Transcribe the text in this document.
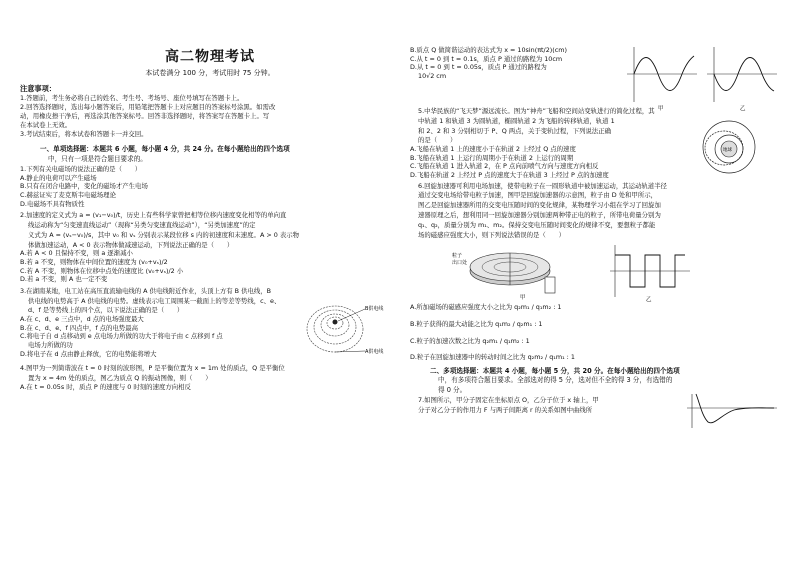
高二物理考试
本试卷满分 100 分，考试用时 75 分钟。
注意事项：

1.答题前，考生务必将自己的姓名、考生号、考场号、座位号填写在答题卡上。

2.回答选择题时，选出每小题答案后，用铅笔把答题卡上对应题目的答案标号涂黑。如需改

动，用橡皮擦干净后，再选涂其他答案标号。回答非选择题时，将答案写在答题卡上。写

在本试卷上无效。

3.考试结束后，将本试卷和答题卡一并交回。

一、单项选择题：本题共 6 小题，每小题 4 分，共 24 分。在每小题给出的四个选项
中，只有一项是符合题目要求的。
1.下列有关电磁场的说法正确的是（　　）
A.静止的电荷可以产生磁场
B.只有在闭合电路中，变化的磁场才产生电场
C.赫兹证实了麦克斯韦电磁场理论
D.电磁场不具有物质性
2.加速度的定义式为 a = (v₁−v₀)/t，历史上有些科学家曾把相等位移内速度变化相等的单向直
线运动称为“匀变速直线运动”（现称“另类匀变速直线运动”），“另类加速度”的定
义式为 A = (vₛ−v₀)/s，其中 v₀ 和 vₛ 分别表示某段位移 s 内的初速度和末速度。A > 0 表示物
体做加速运动，A < 0 表示物体做减速运动，下列说法正确的是（　　）
A.若 A < 0 且保持不变，则 a 逐渐减小
B.若 a 不变，则物体在中间位置的速度为 (v₀+vₛ)/2
C.若 A 不变，则物体在位移中点处的速度比 (v₀+vₛ)/2 小
D.若 a 不变，则 A 也一定不变
3.在湖南某地，电工站在高压直流输电线的 A 供电线附近作业，头顶上方有 B 供电线，B
供电线的电势高于 A 供电线的电势。虚线表示电工周围某一截面上的等差等势线，c、e、
d、f 是等势线上的四个点，以下说法正确的是（　　）
A.在 c、d、e 三点中，d 点的电场强度最大
B.在 c、d、e、f 四点中，f 点的电势最高
C.将电子自 d 点移动到 e 点电场力所做的功大于将电子由 c 点移到 f 点
电场力所做的功
D.将电子在 d 点由静止释放，它的电势能将增大
B供电线
A供电线
4.图甲为一列简谐波在 t = 0 时刻的波形图，P 是平衡位置为 x = 1m 处的质点，Q 是平衡位
置为 x = 4m 处的质点，图乙为质点 Q 的振动图像，则（　　）
A.在 t = 0.05s 时，质点 P 的速度与 0 时刻的速度方向相反
B.质点 Q 做简谐运动的表达式为 x = 10sin(πt/2)(cm)
C.从 t = 0 到 t = 0.1s，质点 P 通过的路程为 10cm
D.从 t = 0 到 t = 0.05s，质点 P 通过的路程为
10√2 cm
甲	乙
5.中华民族的“飞天梦”源远流长。图为“神舟”飞船和空间站变轨进行的简化过程，其
中轨道 1 和轨道 3 为圆轨道，椭圆轨道 2 为飞船的转移轨道，轨道 1
和 2、2 和 3 分别相切于 P、Q 两点，关于变轨过程，下列说法正确
的是（　　）
地球
A.飞船在轨道 1 上的速度小于在轨道 2 上经过 Q 点的速度
B.飞船在轨道 1 上运行的周期小于在轨道 2 上运行的周期
C.飞船在轨道 1 进入轨道 2，在 P 点向前喷气方向与速度方向相反
D.飞船在轨道 2 上经过 P 点的速度大于在轨道 3 上经过 P 点的加速度
6.回旋加速器可利用电场加速，使带电粒子在一圆形轨道中被加速运动，其运动轨道半径
通过交变电场给带电粒子加速，图甲是回旋加速器的示意图，粒子由 D 处和甲所示，
图乙是回旋加速器所用的交变电压随时间的变化规律，某物理学习小组在学习了回旋加
速器原理之后，想利用同一回旋加速器分别加速两种带正电的粒子，所带电荷量分别为
q₁、q₂，质量分别为 m₁、m₂。保持交变电压随时间变化的规律不变，要想粒子都能
场的磁感应强度大小，则下列说法错误的是（　　）
粒子
出口处
甲	乙
A.所加磁场的磁感应强度大小之比为 q₂m₁ / q₁m₂ : 1
B.粒子获得的最大动能之比为 q₁m₂ / q₂m₁ : 1
C.粒子的加速次数之比为 q₂m₁ / q₁m₂ : 1
D.粒子在回旋加速器中的转动时间之比为 q₂m₂ / q₁m₁ : 1
二、多项选择题：本题共 4 小题，每小题 5 分，共 20 分。在每小题给出的四个选项
中，有多项符合题目要求。全部选对的得 5 分，选对但不全的得 3 分，有选错的
得 0 分。
7.如图所示，甲分子固定在坐标原点 O，乙分子位于 x 轴上，甲
分子对乙分子的作用力 F 与两子间距离 r 的关系如图中曲线所
